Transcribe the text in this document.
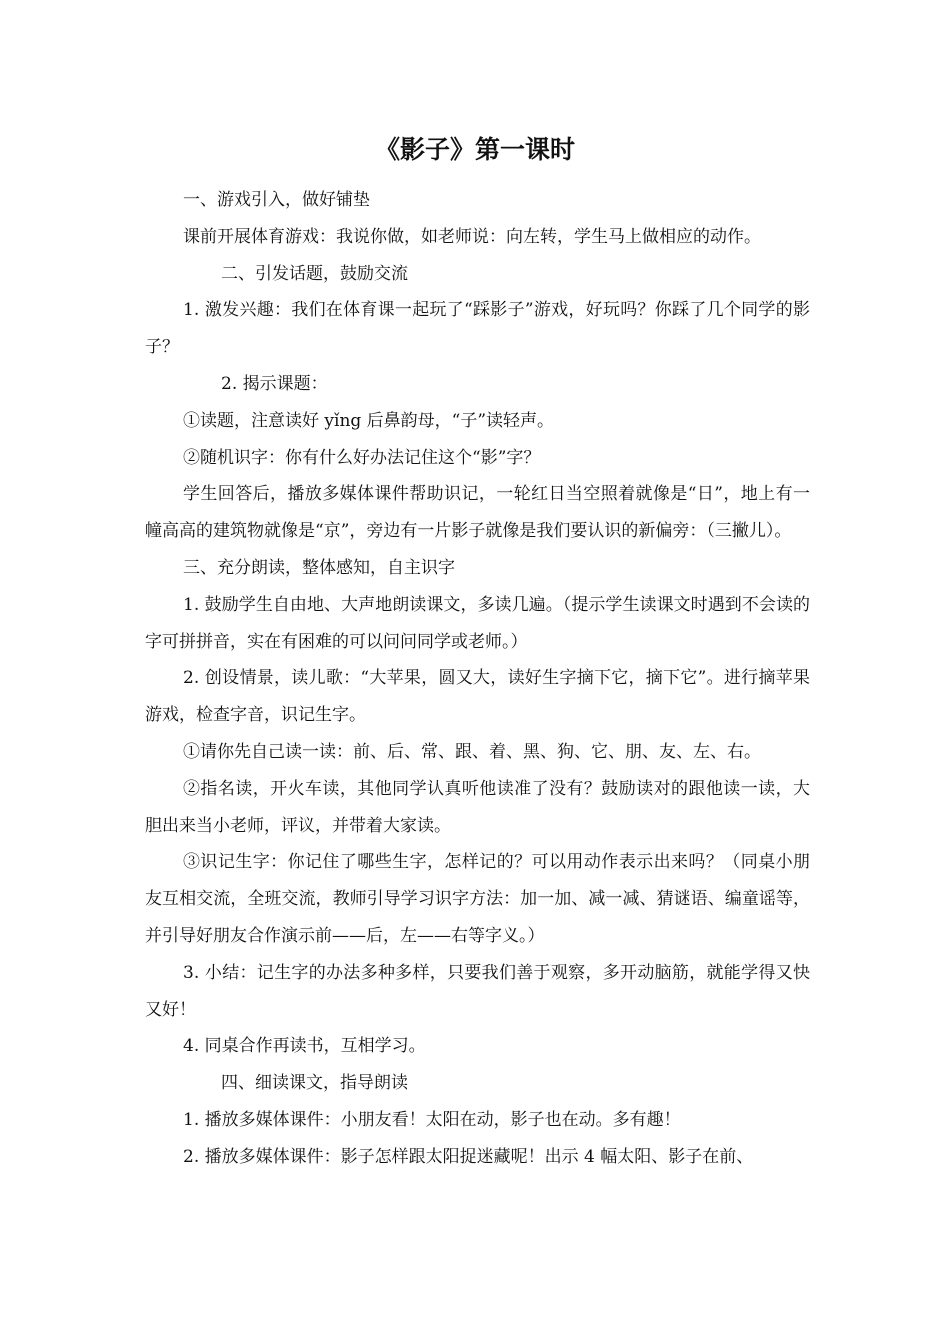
《影子》第一课时

一、游戏引入，做好铺垫

课前开展体育游戏：我说你做，如老师说：向左转，学生马上做相应的动作。

二、引发话题，鼓励交流

1. 激发兴趣：我们在体育课一起玩了“踩影子”游戏，好玩吗？你踩了几个同学的影子？

2. 揭示课题：

①读题，注意读好 yǐng 后鼻韵母，“子”读轻声。

②随机识字：你有什么好办法记住这个“影”字？

学生回答后，播放多媒体课件帮助识记，一轮红日当空照着就像是“日”，地上有一幢高高的建筑物就像是“京”，旁边有一片影子就像是我们要认识的新偏旁：（三撇儿）。

三、充分朗读，整体感知，自主识字

1. 鼓励学生自由地、大声地朗读课文，多读几遍。（提示学生读课文时遇到不会读的字可拼拼音，实在有困难的可以问问同学或老师。）

2. 创设情景，读儿歌：“大苹果，圆又大，读好生字摘下它，摘下它”。进行摘苹果游戏，检查字音，识记生字。

①请你先自己读一读：前、后、常、跟、着、黑、狗、它、朋、友、左、右。

②指名读，开火车读，其他同学认真听他读准了没有？鼓励读对的跟他读一读，大胆出来当小老师，评议，并带着大家读。

③识记生字：你记住了哪些生字，怎样记的？可以用动作表示出来吗？（同桌小朋友互相交流，全班交流，教师引导学习识字方法：加一加、减一减、猜谜语、编童谣等，并引导好朋友合作演示前——后，左——右等字义。）

3. 小结：记生字的办法多种多样，只要我们善于观察，多开动脑筋，就能学得又快又好！

4. 同桌合作再读书，互相学习。

四、细读课文，指导朗读

1. 播放多媒体课件：小朋友看！太阳在动，影子也在动。多有趣！

2. 播放多媒体课件：影子怎样跟太阳捉迷藏呢！出示 4 幅太阳、影子在前、
